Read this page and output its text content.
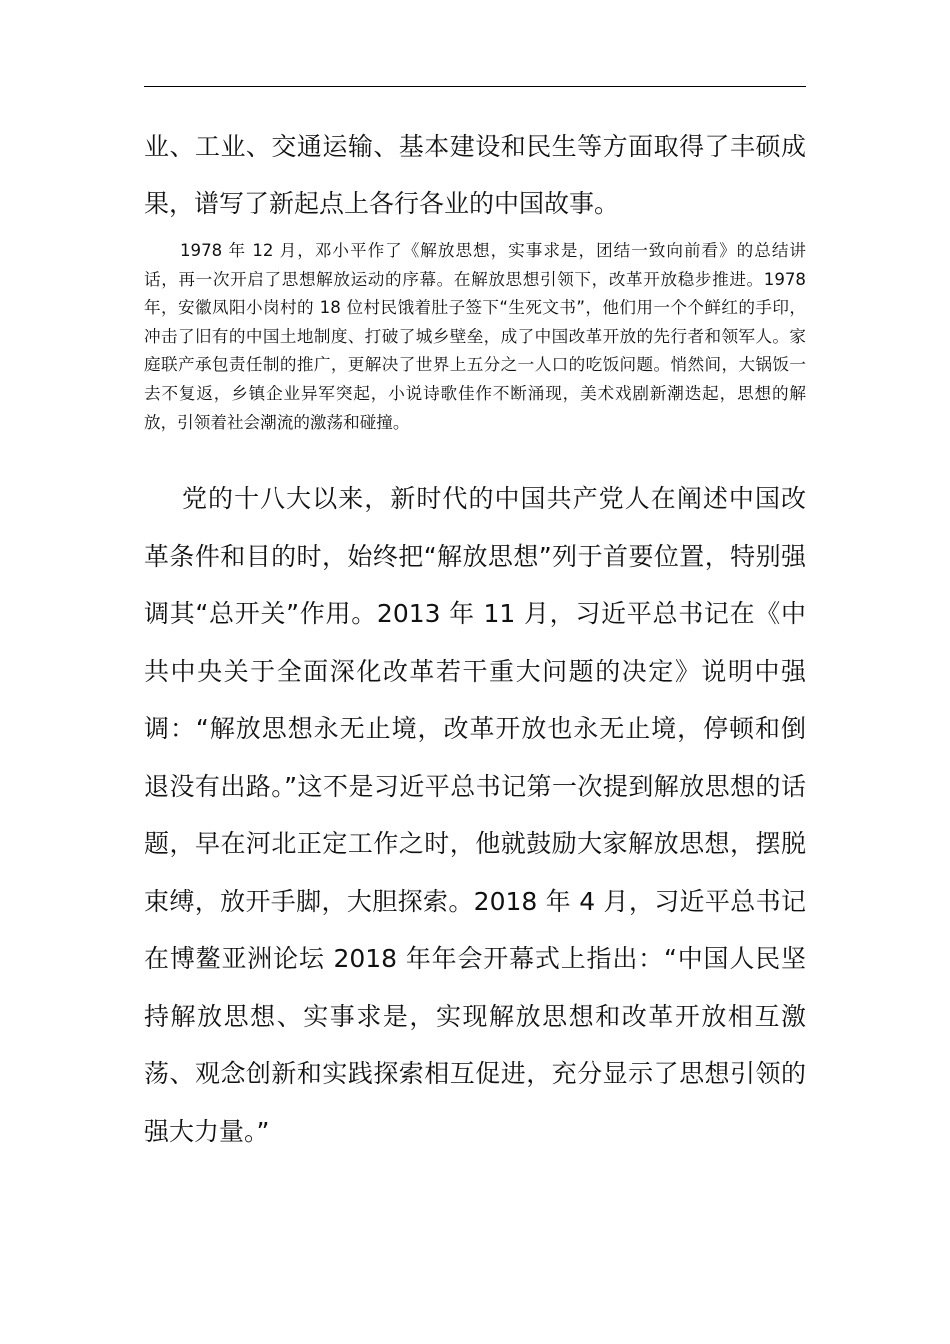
业、工业、交通运输、基本建设和民生等方面取得了丰硕成果，谱写了新起点上各行各业的中国故事。

1978 年 12 月，邓小平作了《解放思想，实事求是，团结一致向前看》的总结讲话，再一次开启了思想解放运动的序幕。在解放思想引领下，改革开放稳步推进。1978 年，安徽凤阳小岗村的 18 位村民饿着肚子签下“生死文书”，他们用一个个鲜红的手印，冲击了旧有的中国土地制度、打破了城乡壁垒，成了中国改革开放的先行者和领军人。家庭联产承包责任制的推广，更解决了世界上五分之一人口的吃饭问题。悄然间，大锅饭一去不复返，乡镇企业异军突起，小说诗歌佳作不断涌现，美术戏剧新潮迭起，思想的解放，引领着社会潮流的激荡和碰撞。

党的十八大以来，新时代的中国共产党人在阐述中国改革条件和目的时，始终把“解放思想”列于首要位置，特别强调其“总开关”作用。2013 年 11 月，习近平总书记在《中共中央关于全面深化改革若干重大问题的决定》说明中强调：“解放思想永无止境，改革开放也永无止境，停顿和倒退没有出路。”这不是习近平总书记第一次提到解放思想的话题，早在河北正定工作之时，他就鼓励大家解放思想，摆脱束缚，放开手脚，大胆探索。2018 年 4 月，习近平总书记在博鳌亚洲论坛 2018 年年会开幕式上指出：“中国人民坚持解放思想、实事求是，实现解放思想和改革开放相互激荡、观念创新和实践探索相互促进，充分显示了思想引领的强大力量。”
